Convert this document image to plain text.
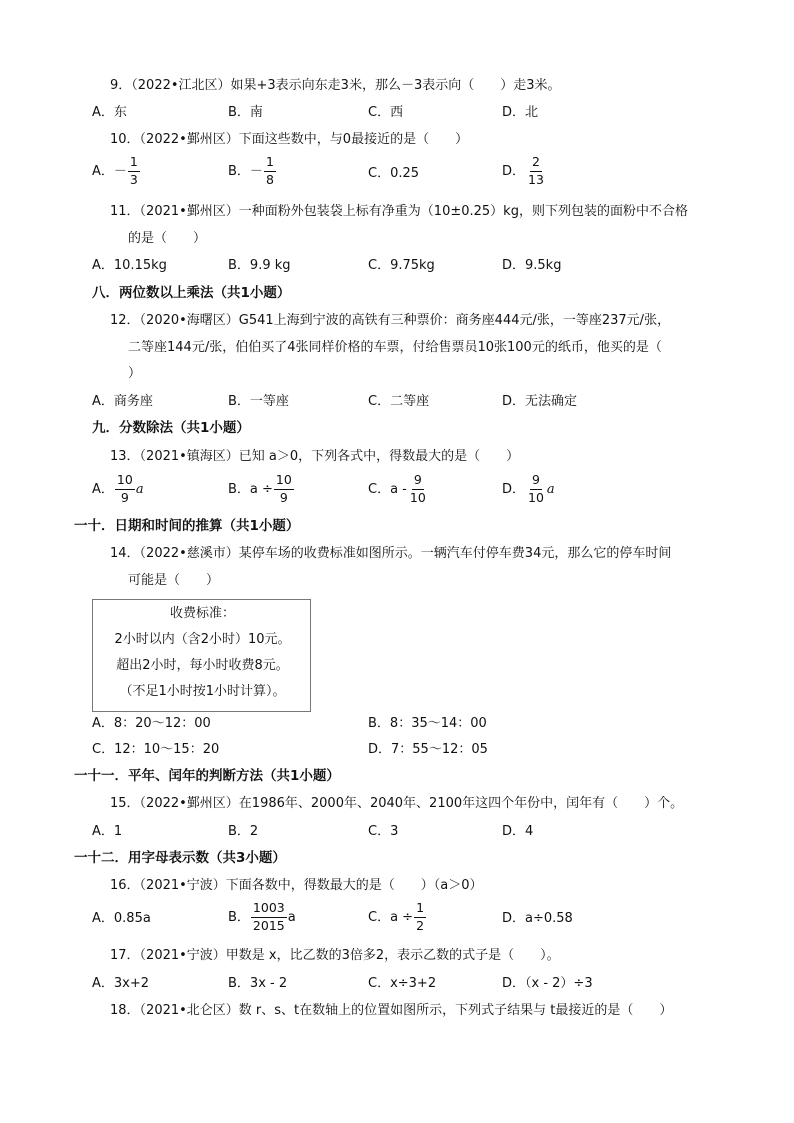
9．（2022•江北区）如果+3表示向东走3米，那么－3表示向（　　）走3米。
A．东	B．南	C．西	D．北
10．（2022•鄞州区）下面这些数中，与0最接近的是（　　）
A． － $\frac{1}{3}$	B． － $\frac{1}{8}$	C．0.25	D． $\frac{2}{13}$
11．（2021•鄞州区）一种面粉外包装袋上标有净重为（10±0.25）kg，则下列包装的面粉中不合格
的是（　　）
A．10.15kg	B．9.9 kg	C．9.75kg	D．9.5kg
八．两位数以上乘法（共1小题）
12．（2020•海曙区）G541上海到宁波的高铁有三种票价：商务座444元/张，一等座237元/张，
二等座144元/张，伯伯买了4张同样价格的车票，付给售票员10张100元的纸币，他买的是（
）
A．商务座	B．一等座	C．二等座	D．无法确定
九．分数除法（共1小题）
13．（2021•镇海区）已知 a＞0，下列各式中，得数最大的是（　　）
A． $\frac{10}{9}$ a	B． $a \div \frac{10}{9}$	C． a - $\frac{9}{10}$	D． $\frac{9}{10}$ a
一十．日期和时间的推算（共1小题）
14．（2022•慈溪市）某停车场的收费标准如图所示。一辆汽车付停车费34元，那么它的停车时间
可能是（　　）
收费标准：
2小时以内（含2小时）10元。
超出2小时，每小时收费8元。
（不足1小时按1小时计算）。
A．8：20～12：00	B．8：35～14：00
C．12：10～15：20	D．7：55～12：05
一十一．平年、闰年的判断方法（共1小题）
15．（2022•鄞州区）在1986年、2000年、2040年、2100年这四个年份中，闰年有（　　）个。
A．1	B．2	C．3	D．4
一十二．用字母表示数（共3小题）
16．（2021•宁波）下面各数中，得数最大的是（　　）（a＞0）
A．0.85a	B． $\frac{1003}{2015}$ a	C． $a \div \frac{1}{2}$	D．a÷0.58
17．（2021•宁波）甲数是 x，比乙数的3倍多2，表示乙数的式子是（　　）。
A．3x+2	B．3x - 2	C．x÷3+2	D．（x - 2）÷3
18．（2021•北仑区）数 r、s、t在数轴上的位置如图所示，下列式子结果与 t最接近的是（　　）
